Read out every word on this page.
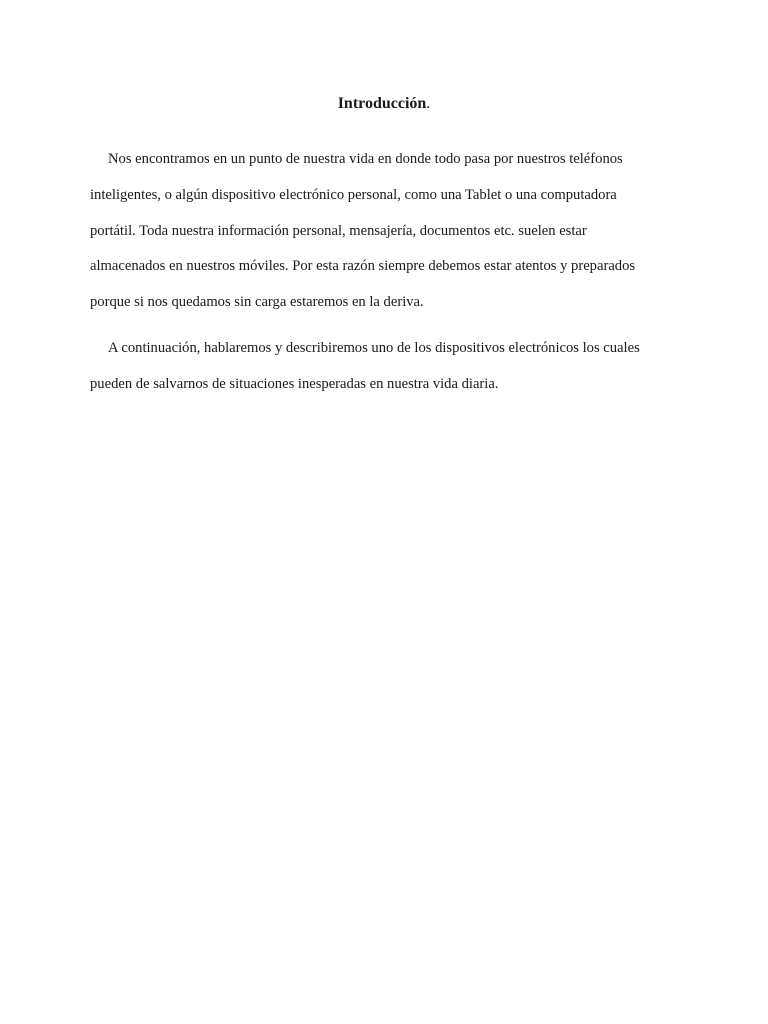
Introducción.

Nos encontramos en un punto de nuestra vida en donde todo pasa por nuestros teléfonos
inteligentes, o algún dispositivo electrónico personal, como una Tablet o una computadora
portátil. Toda nuestra información personal, mensajería, documentos etc. suelen estar
almacenados en nuestros móviles. Por esta razón siempre debemos estar atentos y preparados
porque si nos quedamos sin carga estaremos en la deriva.

A continuación, hablaremos y describiremos uno de los dispositivos electrónicos los cuales
pueden de salvarnos de situaciones inesperadas en nuestra vida diaria.
